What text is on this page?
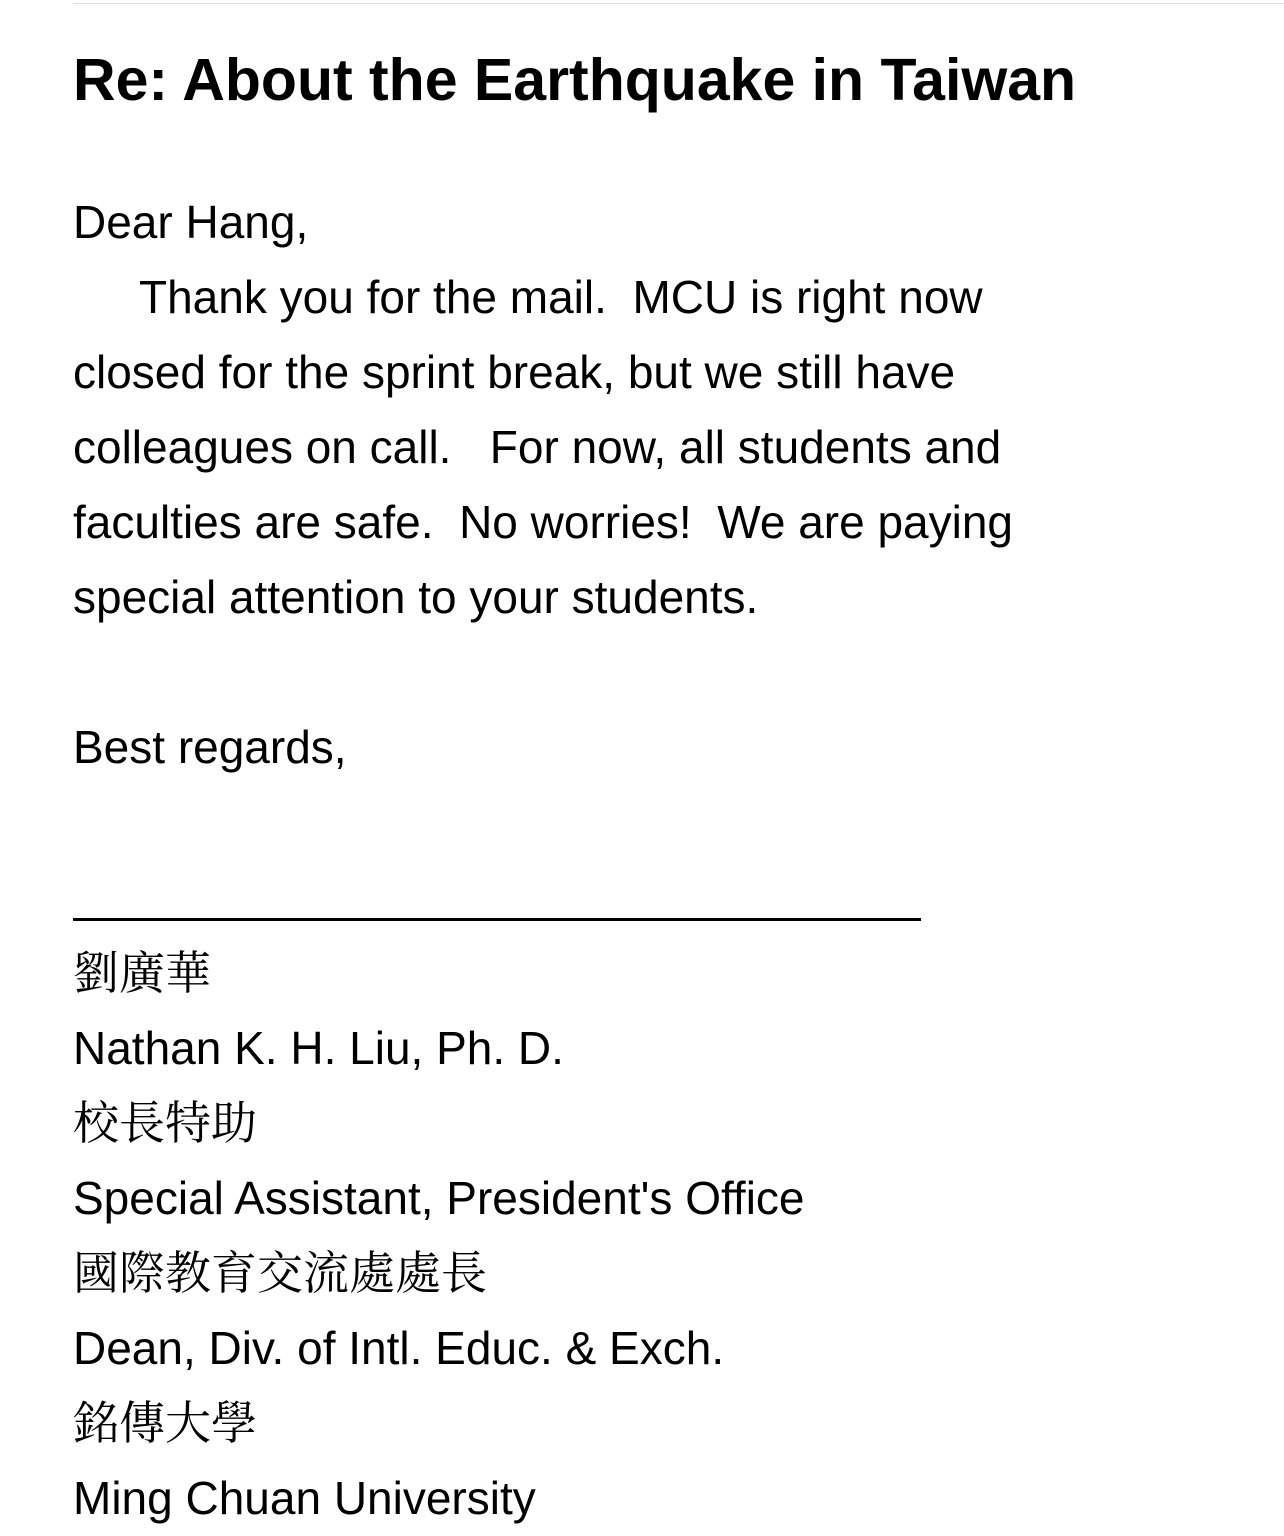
Re: About the Earthquake in Taiwan

Dear Hang,

Thank you for the mail.  MCU is right now
closed for the sprint break, but we still have
colleagues on call.   For now, all students and
faculties are safe.  No worries!  We are paying
special attention to your students.

Best regards,

劉廣華
Nathan K. H. Liu, Ph. D.
校長特助
Special Assistant, President's Office
國際教育交流處處長
Dean, Div. of Intl. Educ. & Exch.
銘傳大學
Ming Chuan University
